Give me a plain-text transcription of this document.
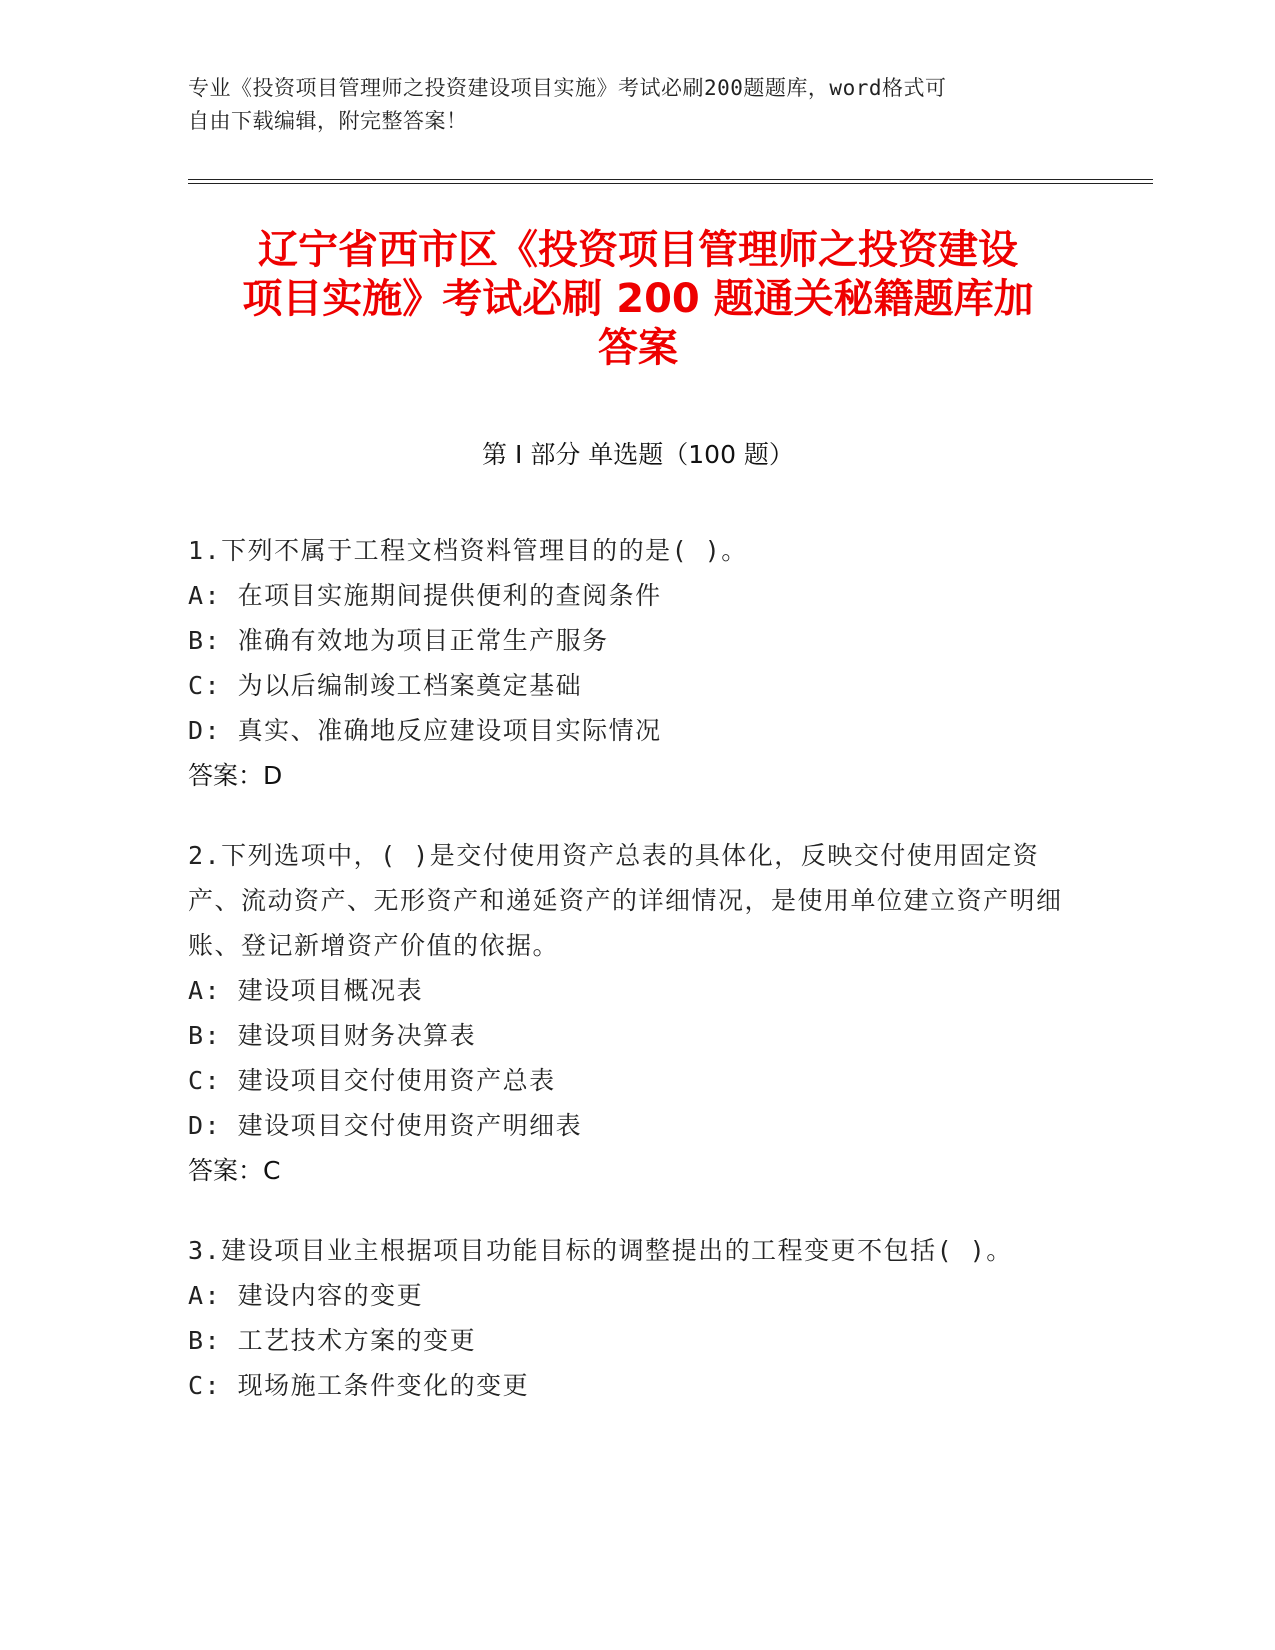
专业《投资项目管理师之投资建设项目实施》考试必刷200题题库，word格式可
自由下载编辑，附完整答案！
辽宁省西市区《投资项目管理师之投资建设
项目实施》考试必刷 200 题通关秘籍题库加
答案
第 I 部分 单选题（100 题）
1.下列不属于工程文档资料管理目的的是( )。
A: 在项目实施期间提供便利的查阅条件
B: 准确有效地为项目正常生产服务
C: 为以后编制竣工档案奠定基础
D: 真实、准确地反应建设项目实际情况
答案：D
2.下列选项中，( )是交付使用资产总表的具体化，反映交付使用固定资产、流动资产、无形资产和递延资产的详细情况，是使用单位建立资产明细账、登记新增资产价值的依据。
A: 建设项目概况表
B: 建设项目财务决算表
C: 建设项目交付使用资产总表
D: 建设项目交付使用资产明细表
答案：C
3.建设项目业主根据项目功能目标的调整提出的工程变更不包括( )。
A: 建设内容的变更
B: 工艺技术方案的变更
C: 现场施工条件变化的变更
